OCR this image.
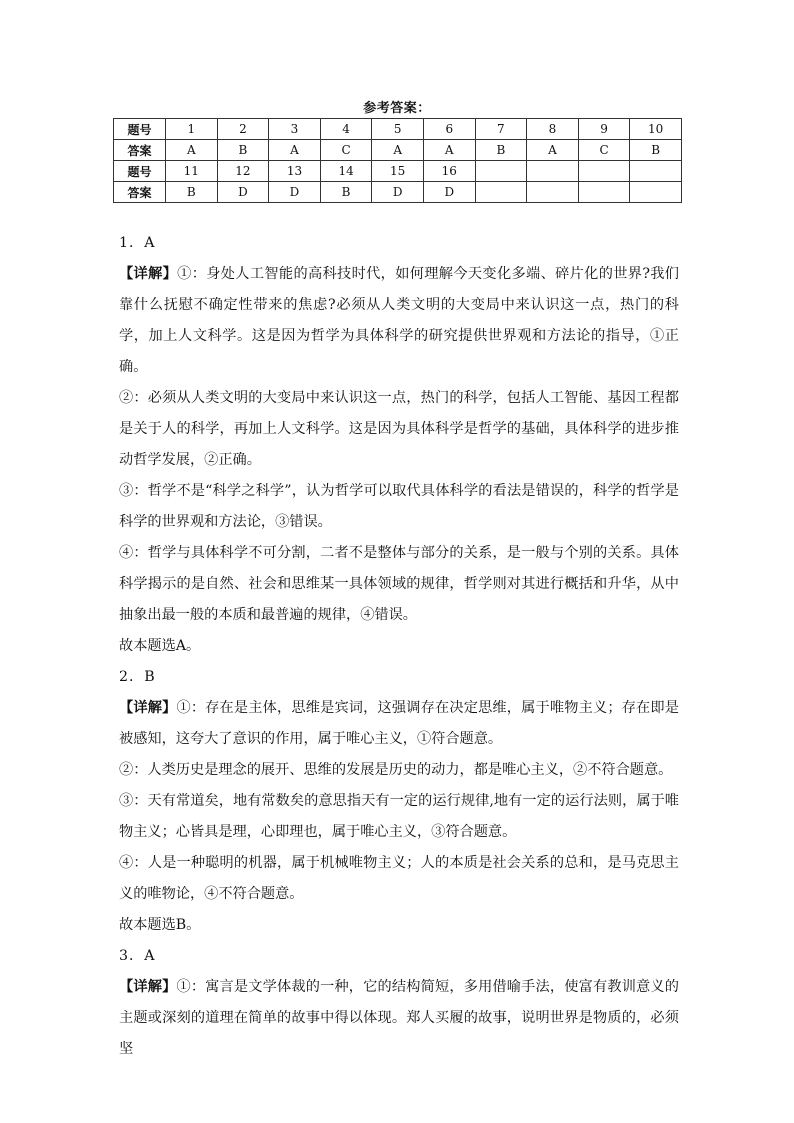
参考答案：
题号	1	2	3	4	5	6	7	8	9	10
答案	A	B	A	C	A	A	B	A	C	B
题号	11	12	13	14	15	16				
答案	B	D	D	B	D	D				

1．A

【详解】①：身处人工智能的高科技时代，如何理解今天变化多端、碎片化的世界?我们靠什么抚慰不确定性带来的焦虑?必须从人类文明的大变局中来认识这一点，热门的科学，加上人文科学。这是因为哲学为具体科学的研究提供世界观和方法论的指导，①正确。

②：必须从人类文明的大变局中来认识这一点，热门的科学，包括人工智能、基因工程都是关于人的科学，再加上人文科学。这是因为具体科学是哲学的基础，具体科学的进步推动哲学发展，②正确。

③：哲学不是“科学之科学”，认为哲学可以取代具体科学的看法是错误的，科学的哲学是科学的世界观和方法论，③错误。

④：哲学与具体科学不可分割，二者不是整体与部分的关系，是一般与个别的关系。具体科学揭示的是自然、社会和思维某一具体领域的规律，哲学则对其进行概括和升华，从中抽象出最一般的本质和最普遍的规律，④错误。

故本题选A。

2．B

【详解】①：存在是主体，思维是宾词，这强调存在决定思维，属于唯物主义；存在即是被感知，这夸大了意识的作用，属于唯心主义，①符合题意。

②：人类历史是理念的展开、思维的发展是历史的动力，都是唯心主义，②不符合题意。

③：天有常道矣，地有常数矣的意思指天有一定的运行规律,地有一定的运行法则，属于唯物主义；心皆具是理，心即理也，属于唯心主义，③符合题意。

④：人是一种聪明的机器，属于机械唯物主义；人的本质是社会关系的总和，是马克思主义的唯物论，④不符合题意。

故本题选B。

3．A

【详解】①：寓言是文学体裁的一种，它的结构简短，多用借喻手法，使富有教训意义的主题或深刻的道理在简单的故事中得以体现。郑人买履的故事，说明世界是物质的，必须坚
